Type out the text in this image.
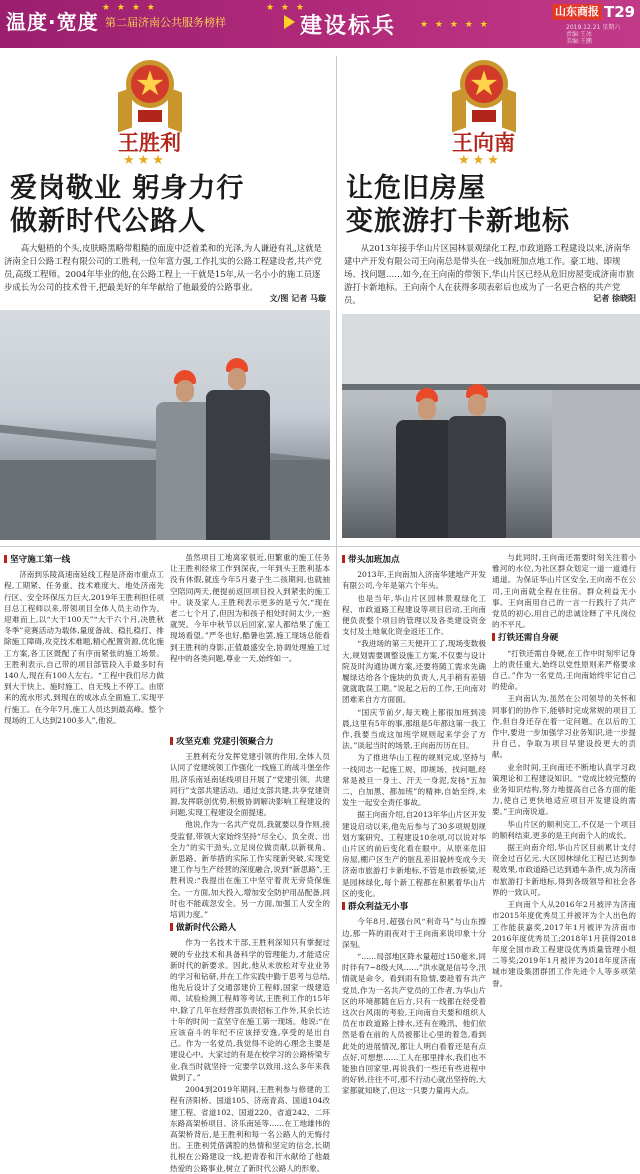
★ ★ ★ ★
温度·宽度 第二届济南公共服务榜样
★ ★ ★
建设标兵	★ ★ ★ ★ ★
山东商报 T29
2019.12.21 星期六
责编:王冰
美编:王鹏
★
王胜利
★★★
爱岗敬业 躬身力行
做新时代公路人
高大魁梧的个头,皮肤略黑略带粗糙的面庞中泛着柔和的光泽,为人谦逊有礼,这就是济南全日公路工程有限公司的工胜利,一位年富力强,工作扎实的公路工程建设者,共产党员,高级工程师。2004年毕业的他,在公路工程上一干就是15年,从一名小小的施工员逐步成长为公司的技术骨干,把最美好的年华献给了他最爱的公路事业。
文/图 记者 马璇
★
王向南
★★★
让危旧房屋
变旅游打卡新地标
从2013年接手华山片区园林景观绿化工程,市政道路工程建设以来,济南华建中产开发有限公司王向南总是带头在一线加班加点地工作。豪工地、即规场、找问题……如今,在王向南的带领下,华山片区已经从危旧房屋变成济南市旅游打卡新地标。王向南个人在获得多项表彰后也成为了一名更合格的共产党员。	记者 徐晓阳
坚守施工第一线

济南到乐陵高速南延线工程是济南市重点工程,工期紧、任务重、技术难度大、地处济南先行区、安全环保压力巨大,2019年王胜利担任项目总工程师以来,带领项目全体人员主动作为、迎难而上,以“大干100天”“大干六个月,决胜秋冬季”竞赛活动为载体,量度备战、稳扎稳打、排除施工障碍,攻克技术难题,精心配置资源,优化施工方案,各工区既配了有序而紧张的施工场景。王胜利表示,自己带的项目部管段入手最多时有140人,现在有100人左右。“工程中我们尽力做到大干快上、施时施工、自无残上不停工。由原来的流水形式,到现在的成冰点全面施工,实现平行施工。在今年7月,施工人员达到最高峰。整个现场的工人达到2100多人”,他说。

虽然项目工地离家很近,但繁重的施工任务让王胜利经常工作到深夜,一年到头王胜利基本没有休假,就连今年5月妻子生二孩期间,也就抽空陪同两天,便提前返回项目投入到紧张的施工中。谈及家人,王胜利表示更多的是亏欠,“现在老二七个月了,但因为和孩子相处时间太少,一抱就哭。今年中秋节以后回家,家人都结果了施工现场看望。”严冬也好,酷暑也罢,施工现场总能看到王胜利的身影,正值最盛安全,协调处理施工过程中的各类问题,尊业一天,始终如一。

攻坚克难 党建引领聚合力

王胜利充分发挥党建引领的作用,全体人员认同了党建统领工作强化一线施工的战斗堡垒作用,济乐南延南延线项目开展了“党建引领、共建同行”支部共建活动。通过支部共建,共享党建资源,发挥联创优势,积极协调解决影响工程建设的问题,实现工程建设全面提速。

他说,作为一名共产党员,我就要以身作则,接受监督,带领大家始终坚持“尽全心、负全责、出全力”的实干劲头,立足岗位做贡献,以新视角、新思路、新举措的实际工作实现新突破,实现党建工作与生产经营的深度融合,说到“新思路”,王胜利说:“我提出在施工中坚守着责无旁贷保施全。一方面,加大投入,增加安全防护用品配备,同时也不能疏忽安全。另一方面,加强工人安全的培训力度。”

做新时代公路人

作为一名技术干部,王胜利深知只有掌握过硬的专业技术和具备科学的管理能力,才能适应新时代的新要求。因此,他从未放松对专业业务的学习和钻研,并在工作实践中勤于思考与总结,他先后设计了交通部建价工程师,国家一级建造师、试验检测工程师等考试,王胜利工作的15年中,除了几年在经营部负责招标工作外,其余长达十年的时间一直坚守在施工第一现场。他说:“在应该奋斗的年纪不应该择安逸,享受的是出自己。作为一名党员,我觉得不论的心理念主要是建设心中。大家过的有是在校学习的公路桥梁专业,我当时就坚持一定要学以致用,这么多年来我做到了。”

2004到2019年期间,王胜利参与修建的工程有济阳桥、国道105、济南青高、国道104改建工程、省道102、国道220、省道242、二环东路高架桥项目、济乐南延等……在工地雄伟的高架桥背后,是王胜利和每一名公路人的无悔付出。王胜利凭借满腔的热情和坚定的信念,长期扎根在公路建设一线,把青春和汗水献给了他最热爱的公路事业,树立了新时代公路人的形象。

带头加班加点

2013年,王向南加入济南华建地产开发有限公司,今年是第六个年头。

也是当年,华山片区园林景观绿化工程、市政道路工程建设等项目启动,王向南便负责整个项目的管理以及各类建设资金支付及土地氧化资金返还工作。

“我进场的第三天便开工了,现场变数极大,规划需要调整设施工方案,不仅要与设计院及时沟通协调方案,还要将随工需求先确履绿达给各个施块的负责人,凡手稍有差错就就耽误工期。”说起之后的工作,王向南对团难来自方方面面。

“国庆节前夕,每天晚上都很加班到凌晨,这里有5年的事,那组是5年都这第一我工作,我要当成这加班学规则起来学会了方法。”谈起当时的场景,王向南历历在目。

为了推进华山工程的规则完成,坚持与一线同志一起施工规、即规场、找问题,经常是被旦一身土、汗天一身泥,发扬“五加二、白加黑、都加班”的精神,自始至终,未发生一起安全责任事故。

据王向南介绍,自2013年华山片区开发建设启动以来,他先后参与了30多项规划规划方案研究、工程建设10余项,可以说对华山片区的前后变化看在眼中。从原来危旧房屋,棚户区生产的脏乱差旧貌转变成今天济南市旅游打卡新地标,不管是市政桥梁,还是园林绿化,每个新工程都在积累着华山片区的变化。

群众利益无小事

今年8月,超强台风“利奇马”与山东擦边,那一阵的雨夜对于王向南来说印象十分深刻。

“……局部地区降水量超过150毫米,同时伴有7~8级大风……”洪水就是信号令,汛情就是命令。看到雨有险情,要趁着有共产党员,作为一名共产党员的工作者,为华山片区的环境都随在后方,只有一线都在经受着这次台风雨的考验,王向南自天要和组织人员在市政道路上排水,还有在晚汛、他们依然是看在前的人员被都让心里的着急,看到此处的进展情况,都让人明白看着还是有点点好,可想想……工人在那里排水,我们也不能独自回家里,再说我们一些还有些进程中的好转,往往不可,那不行动心就出坚持的,大家都就知晓了,但这一只要力量再大点。

与此同时,王向南还需要时刻关注着小雅河的水位,为社区群众划定一道一道通行通道。为保证华山片区安全,王向南不在公司,王向南就全程在住宿。群众利益无小事。王向南用自己的一言一行践行了共产党员的初心,用自己的忠诚诠释了平凡岗位的不平凡。

打铁还需自身硬

“打铁还需自身硬,在工作中时刻牢记身上的责任重大,始终以党性原则来严格要求自己。”作为一名党员,王向南始终牢记自己的使命。

王向南认为,虽然在公司领导的关怀和同事们的协作下,能够时完成常规的项目工作,但自身还存在着一定问题。在以后的工作中,要进一步加强学习业务知识,进一步提升自己。争取为项目早建设投更大的贡献。

业余时间,王向南还不断地认真学习政策理论和工程建设知识。“党成比较完整的业务知识结构,努力地提高自己各方面的能力,使自己更快地适应项目开发建设的需要。”王向南说道。

华山片区的顺利完工,不仅是一个项目的顺利结束,更多的是王向南个人的成长。

据王向南介绍,华山片区目前累计支付资金过百亿元,大区园林绿化工程已达到参观效果,市政道路已达到通车条件,成为济南市旅游打卡新地标,得到各级领导和社会各界的一致认可。

王向南个人从2016年2月被评为济南市2015年度优秀员工并被评为个人出色的工作能获嘉奖,2017年1月被评为济南市2016年度优秀员工;2018年1月获得2018年度全国市政工程建设优秀质量管理小组二等奖;2019年1月被评为2018年度济南城市建设集团群团工作先进个人等多项荣誉。
